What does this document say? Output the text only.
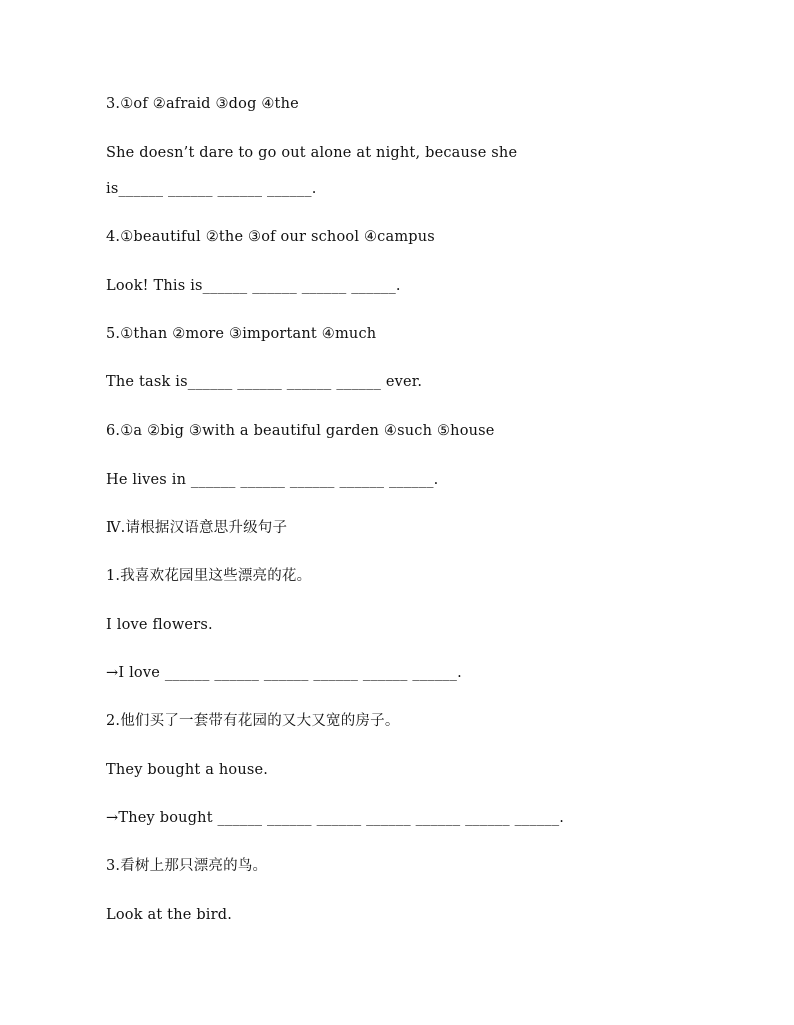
3.①of ②afraid ③dog ④the
She doesn’t dare to go out alone at night, because she
is______ ______ ______ ______.
4.①beautiful ②the ③of our school ④campus
Look! This is______ ______ ______ ______.
5.①than ②more ③important ④much
The task is______ ______ ______ ______ ever.
6.①a ②big ③with a beautiful garden ④such ⑤house
He lives in ______ ______ ______ ______ ______.
Ⅳ.请根据汉语意思升级句子
1.我喜欢花园里这些漂亮的花。
I love flowers.
→I love ______ ______ ______ ______ ______ ______.
2.他们买了一套带有花园的又大又宽的房子。
They bought a house.
→They bought ______ ______ ______ ______ ______ ______ ______.
3.看树上那只漂亮的鸟。
Look at the bird.
